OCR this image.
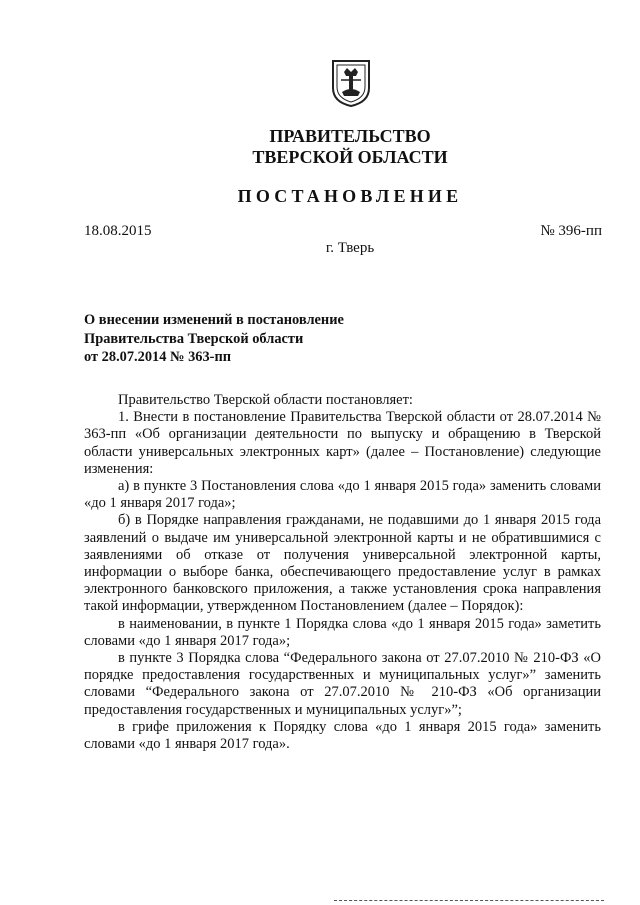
ПРАВИТЕЛЬСТВО
ТВЕРСКОЙ ОБЛАСТИ
ПОСТАНОВЛЕНИЕ
18.08.2015	№ 396-пп
г. Тверь
О внесении изменений в постановление
Правительства Тверской области
от 28.07.2014 № 363-пп

Правительство Тверской области постановляет:

1. Внести в постановление Правительства Тверской области от 28.07.2014 № 363-пп «Об организации деятельности по выпуску и обращению в Тверской области универсальных электронных карт» (далее – Постановление) следующие изменения:

а) в пункте 3 Постановления слова «до 1 января 2015 года» заменить словами «до 1 января 2017 года»;

б) в Порядке направления гражданами, не подавшими до 1 января 2015 года заявлений о выдаче им универсальной электронной карты и не обратившимися с заявлениями об отказе от получения универсальной электронной карты, информации о выборе банка, обеспечивающего предоставление услуг в рамках электронного банковского приложения, а также установления срока направления такой информации, утвержденном Постановлением (далее – Порядок):

в наименовании, в пункте 1 Порядка слова «до 1 января 2015 года» заметить словами «до 1 января 2017 года»;

в пункте 3 Порядка слова “Федерального закона от 27.07.2010 № 210-ФЗ «О порядке предоставления государственных и муниципальных услуг»” заменить словами “Федерального закона от 27.07.2010 № 210-ФЗ «Об организации предоставления государственных и муниципальных услуг»”;

в грифе приложения к Порядку слова «до 1 января 2015 года» заменить словами «до 1 января 2017 года».
